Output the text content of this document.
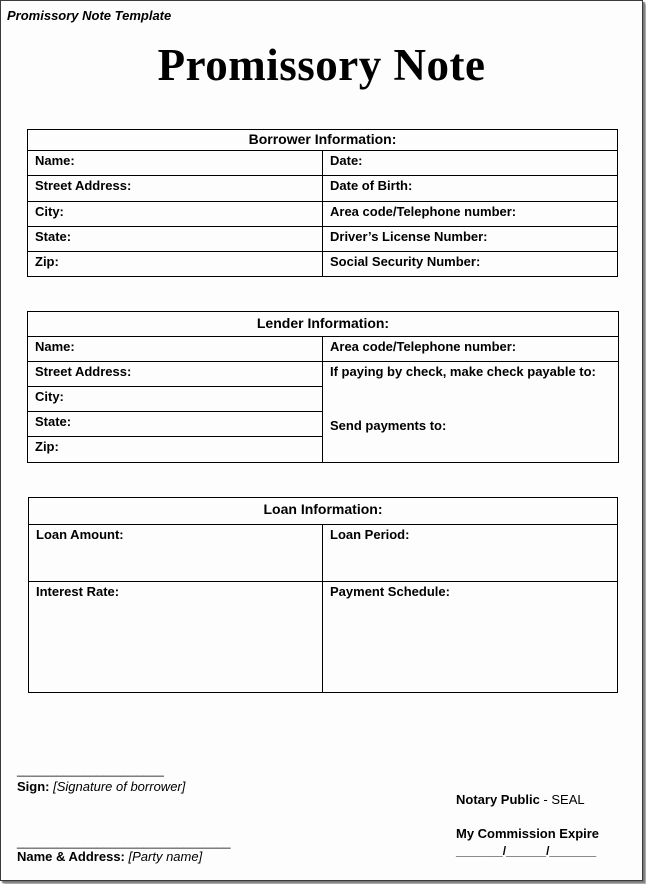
Promissory Note Template
Promissory Note
Borrower Information:
Name:
Street Address:
City:
State:
Zip:
Date:
Date of Birth:
Area code/Telephone number:
Driver’s License Number:
Social Security Number:
Lender Information:
Name:
Street Address:
City:
State:
Zip:
Area code/Telephone number:
If paying by check, make check payable to:
Send payments to:
Loan Information:
Loan Amount:	Loan Period:
Interest Rate:	Payment Schedule:
______________________
Sign: [Signature of borrower]
________________________________
Name & Address: [Party name]
Notary Public - SEAL
My Commission Expire
_______/______/_______
